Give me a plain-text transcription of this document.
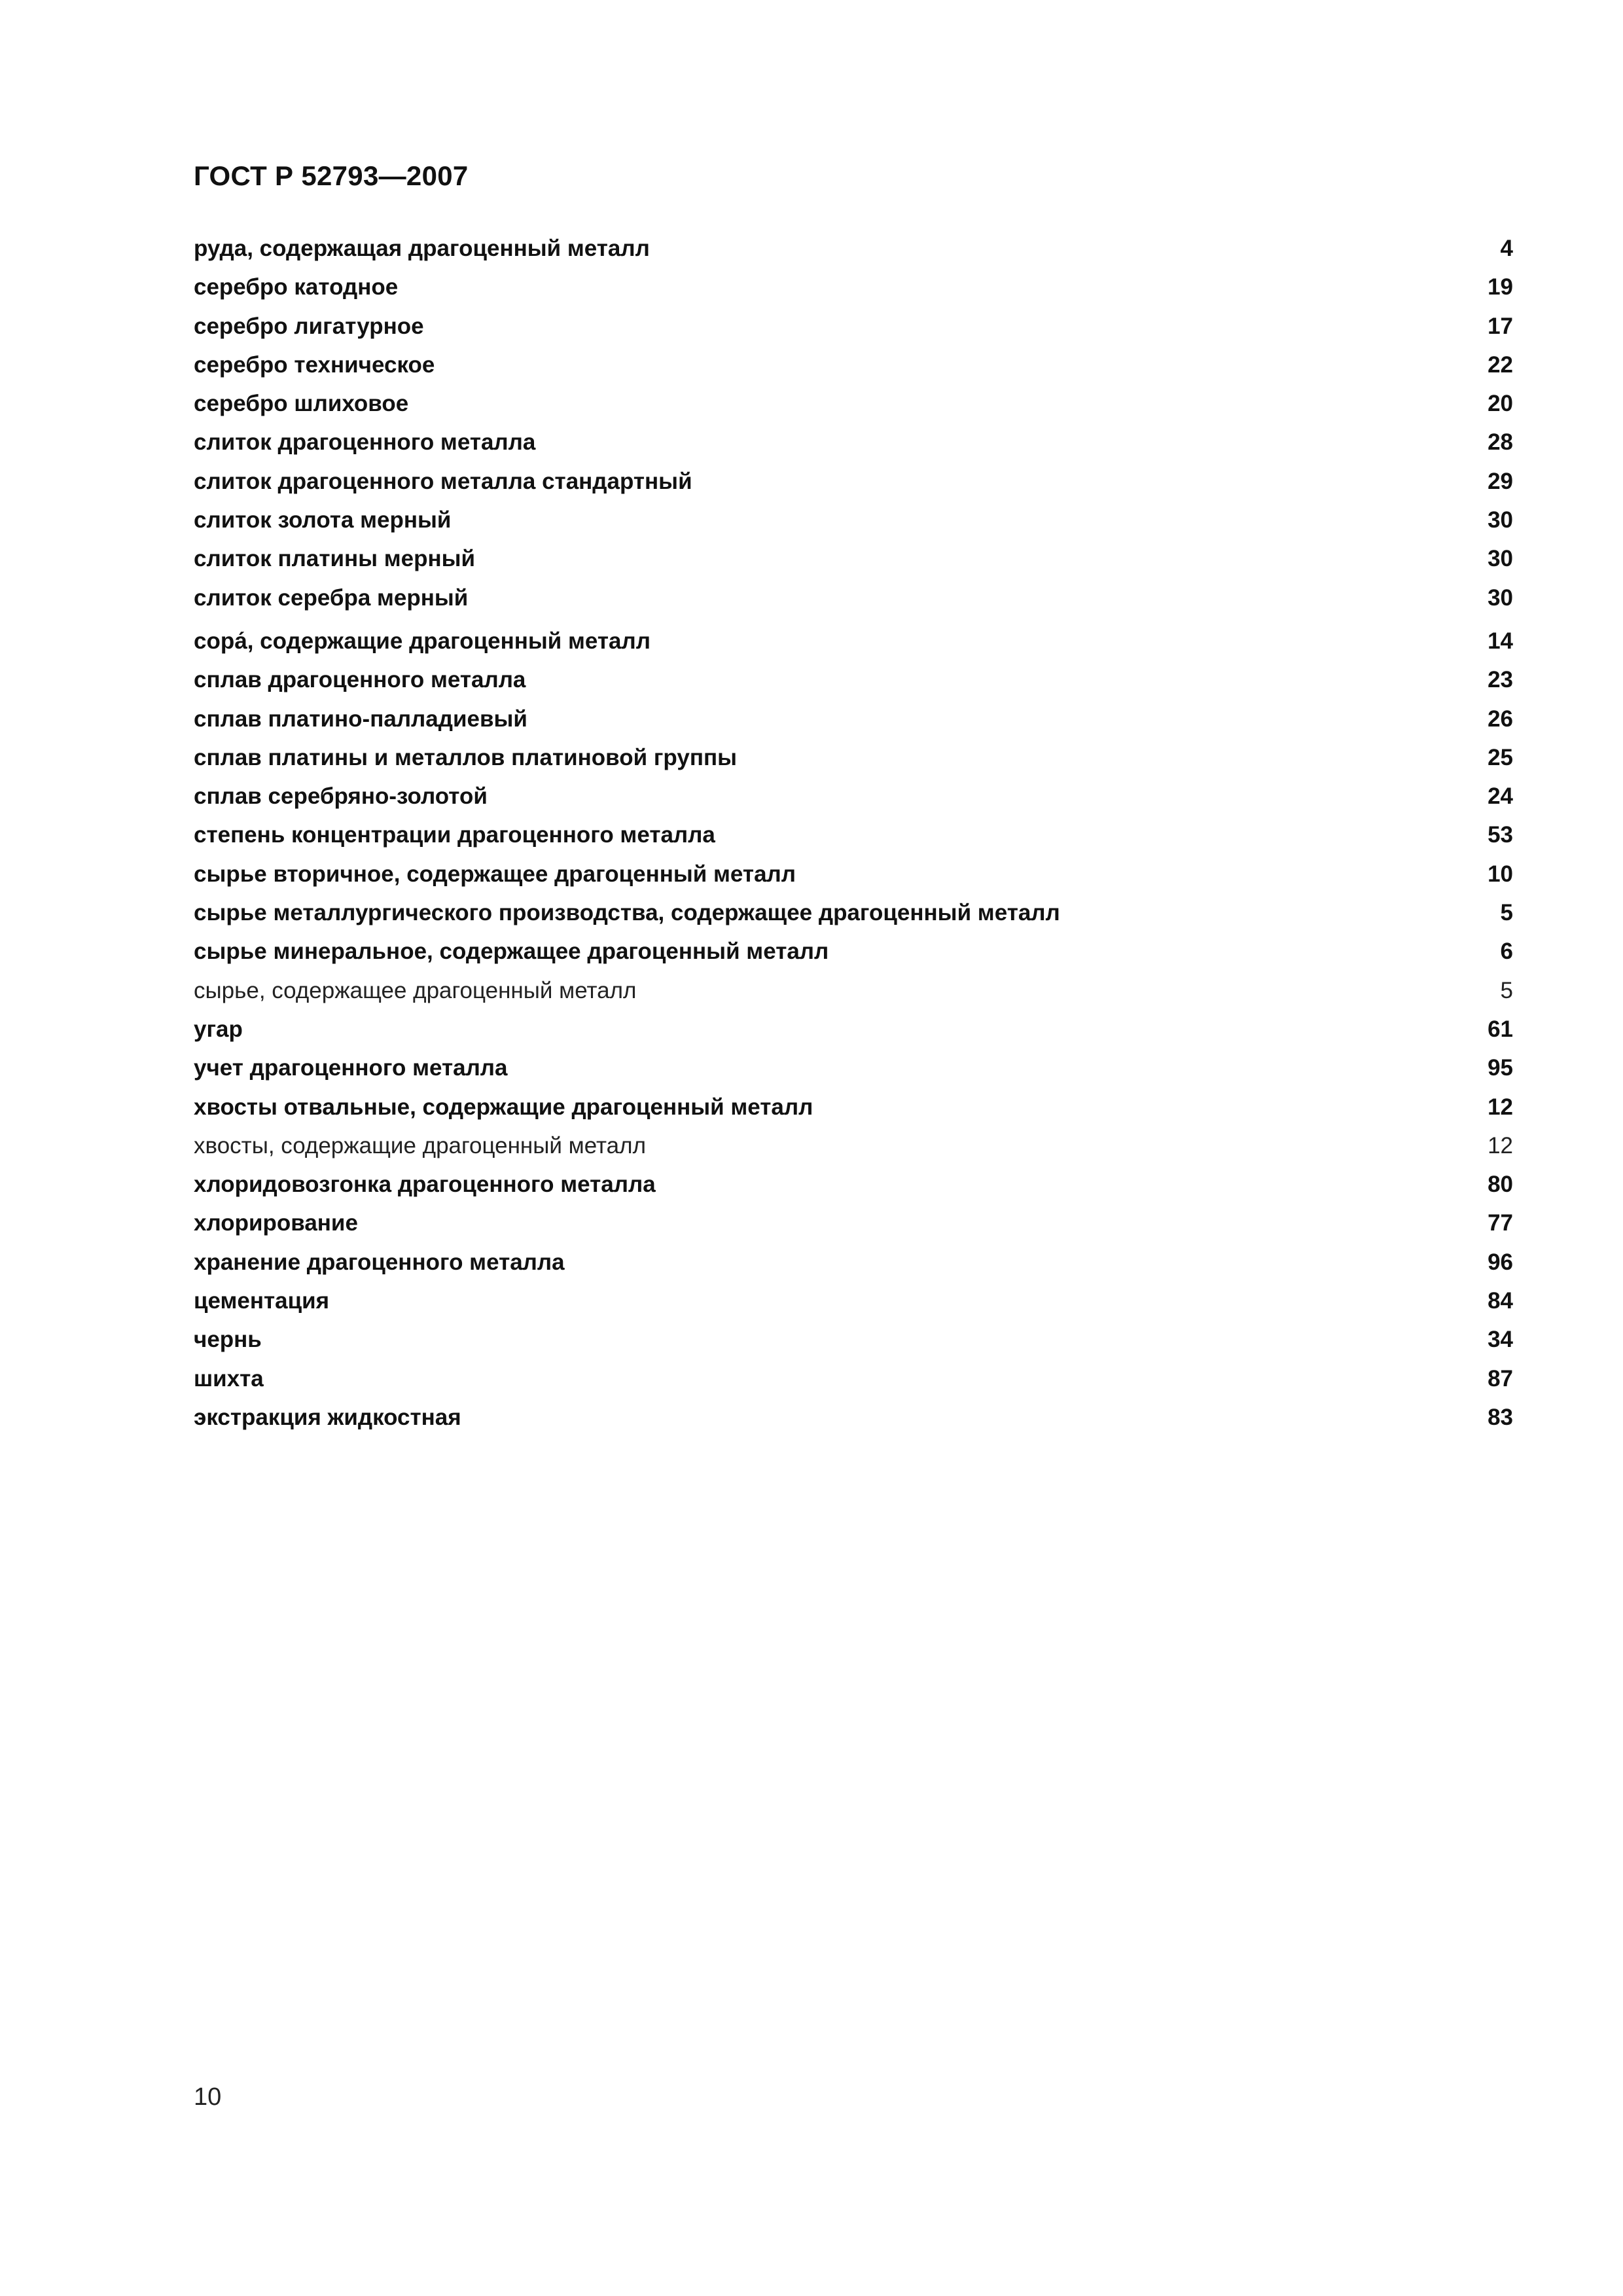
ГОСТ Р 52793—2007
руда, содержащая драгоценный металл	4
серебро катодное	19
серебро лигатурное	17
серебро техническое	22
серебро шлиховое	20
слиток драгоценного металла	28
слиток драгоценного металла стандартный	29
слиток золота мерный	30
слиток платины мерный	30
слиток серебра мерный	30
сора́, содержащие драгоценный металл	14
сплав драгоценного металла	23
сплав платино-палладиевый	26
сплав платины и металлов платиновой группы	25
сплав серебряно-золотой	24
степень концентрации драгоценного металла	53
сырье вторичное, содержащее драгоценный металл	10
сырье металлургического производства, содержащее драгоценный металл	5
сырье минеральное, содержащее драгоценный металл	6
сырье, содержащее драгоценный металл	5
угар	61
учет драгоценного металла	95
хвосты отвальные, содержащие драгоценный металл	12
хвосты, содержащие драгоценный металл	12
хлоридовозгонка драгоценного металла	80
хлорирование	77
хранение драгоценного металла	96
цементация	84
чернь	34
шихта	87
экстракция жидкостная	83
10
